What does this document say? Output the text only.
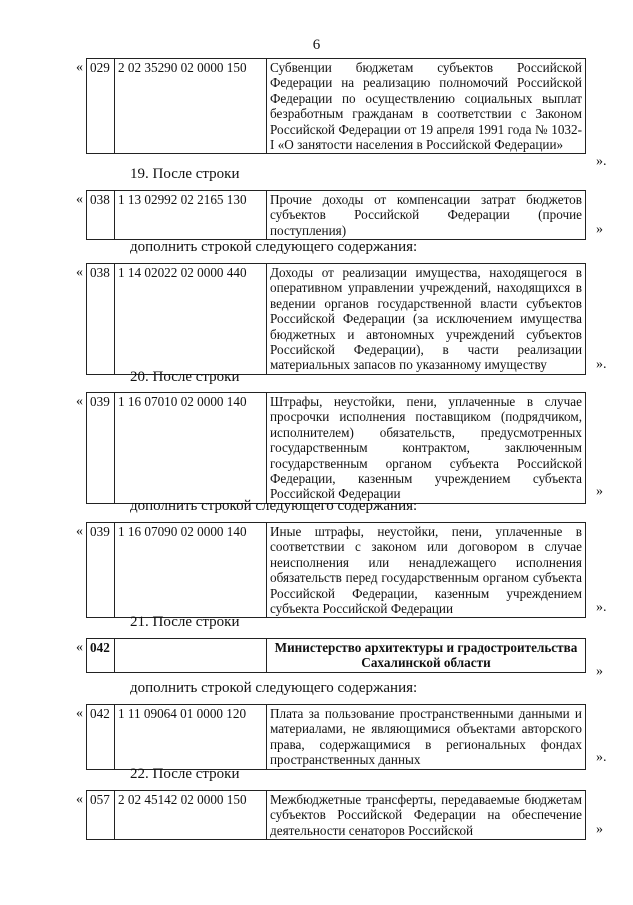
6
« 029	2 02 35290 02 0000 150	Субвенции бюджетам субъектов Российской Федерации на реализацию полномочий Российской Федерации по осуществлению социальных выплат безработным гражданам в соответствии с Законом Российской Федерации от 19 апреля 1991 года № 1032-I «О занятости населения в Российской Федерации»
».
19. После строки
« 038	1 13 02992 02 2165 130	Прочие доходы от компенсации затрат бюджетов субъектов Российской Федерации (прочие поступления)	»
дополнить строкой следующего содержания:
« 038	1 14 02022 02 0000 440	Доходы от реализации имущества, находящегося в оперативном управлении учреждений, находящихся в ведении органов государственной власти субъектов Российской Федерации (за исключением имущества бюджетных и автономных учреждений субъектов Российской Федерации), в части реализации материальных запасов по указанному имуществу	».
20. После строки
« 039	1 16 07010 02 0000 140	Штрафы, неустойки, пени, уплаченные в случае просрочки исполнения поставщиком (подрядчиком, исполнителем) обязательств, предусмотренных государственным контрактом, заключенным государственным органом субъекта Российской Федерации, казенным учреждением субъекта Российской Федерации	»
дополнить строкой следующего содержания:
« 039	1 16 07090 02 0000 140	Иные штрафы, неустойки, пени, уплаченные в соответствии с законом или договором в случае неисполнения или ненадлежащего исполнения обязательств перед государственным органом субъекта Российской Федерации, казенным учреждением субъекта Российской Федерации	».
21. После строки
« 042		Министерство архитектуры и градостроительства Сахалинской области
»
дополнить строкой следующего содержания:
« 042	1 11 09064 01 0000 120	Плата за пользование пространственными данными и материалами, не являющимися объектами авторского права, содержащимися в региональных фондах пространственных данных	».
22. После строки
« 057	2 02 45142 02 0000 150	Межбюджетные трансферты, передаваемые бюджетам субъектов Российской Федерации на обеспечение деятельности сенаторов Российской	»
